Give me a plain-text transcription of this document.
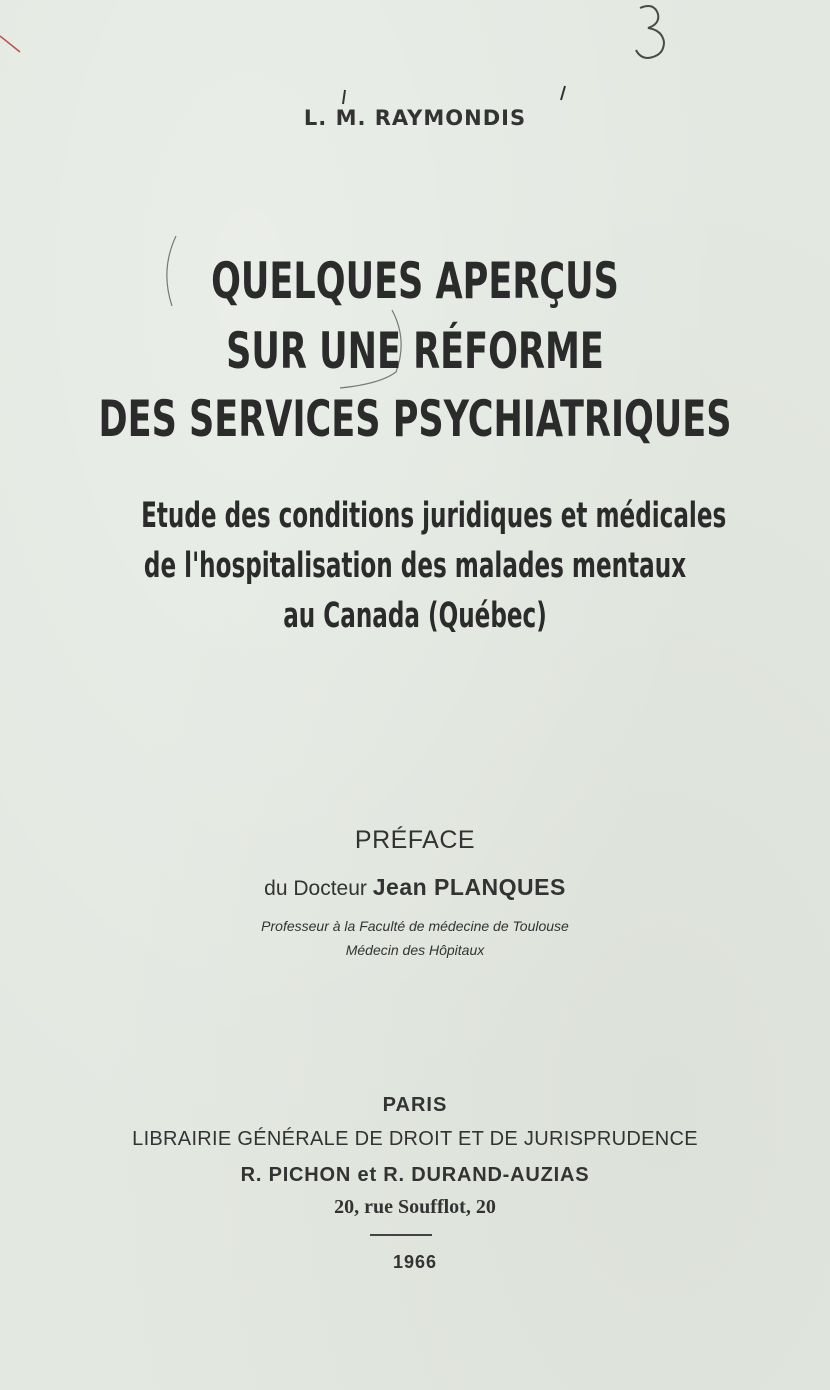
L. M. RAYMONDIS
QUELQUES APERÇUS
SUR UNE RÉFORME
DES SERVICES PSYCHIATRIQUES
Etude des conditions juridiques et médicales
de l'hospitalisation des malades mentaux
au Canada (Québec)
PRÉFACE
du Docteur Jean PLANQUES
Professeur à la Faculté de médecine de Toulouse
Médecin des Hôpitaux
PARIS
LIBRAIRIE GÉNÉRALE DE DROIT ET DE JURISPRUDENCE
R. PICHON et R. DURAND-AUZIAS
20, rue Soufflot, 20
1966
